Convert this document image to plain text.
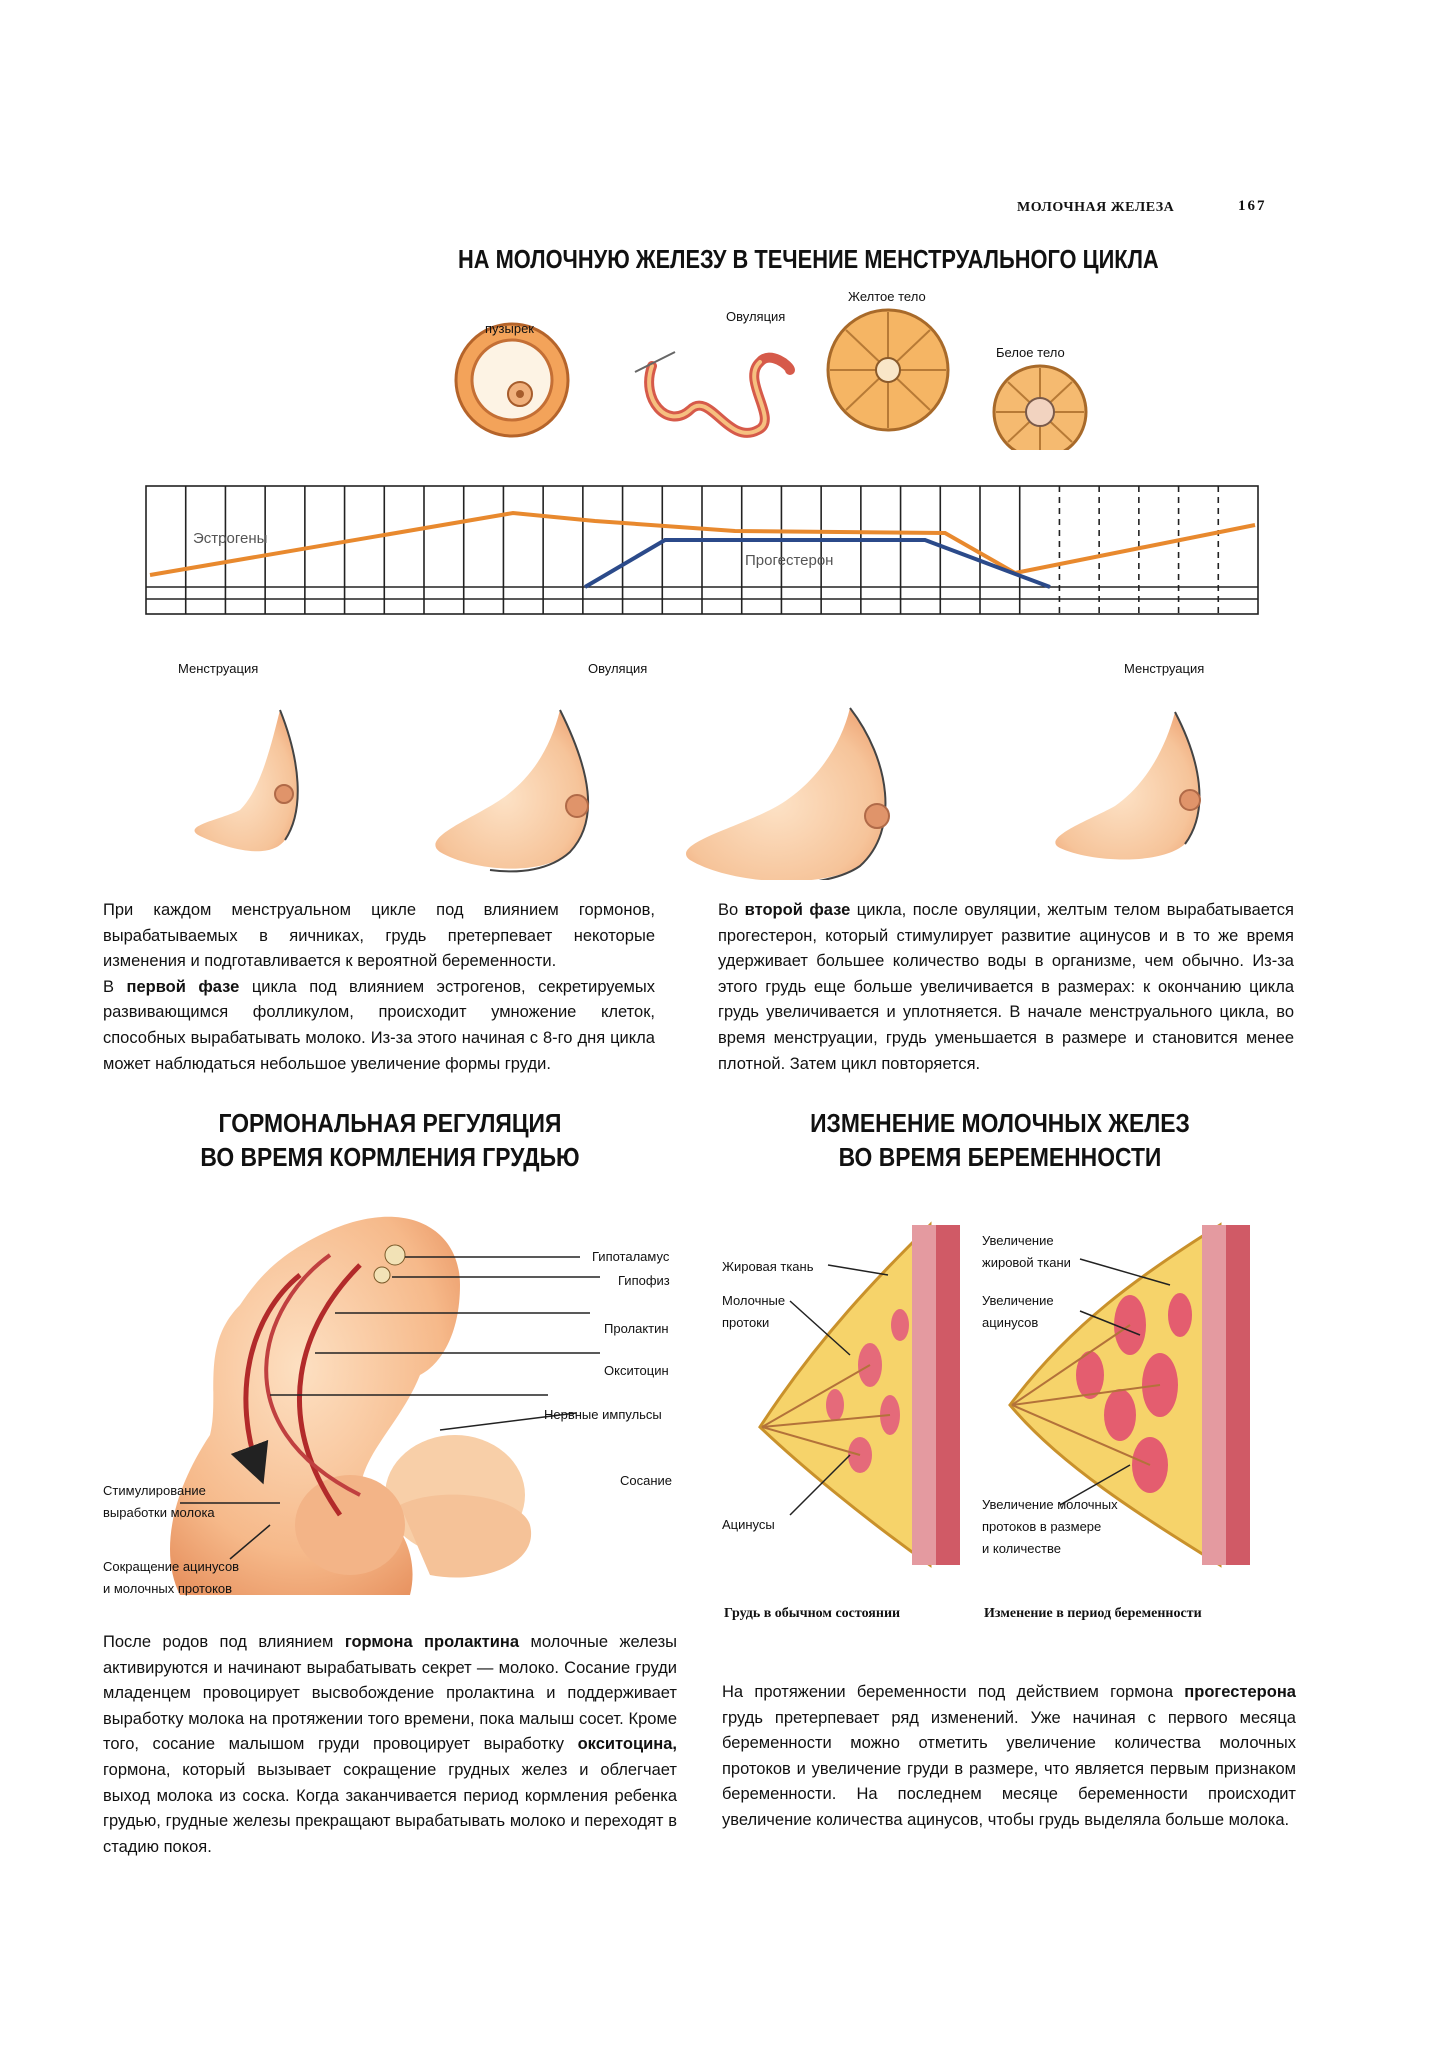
МОЛОЧНАЯ ЖЕЛЕЗА	167
НА МОЛОЧНУЮ ЖЕЛЕЗУ В ТЕЧЕНИЕ МЕНСТРУАЛЬНОГО ЦИКЛА
пузырек
Овуляция
Желтое тело
Белое тело
Эстрогены
Прогестерон
Менструация	Овуляция	Менструация
При каждом менструальном цикле под влиянием гормонов, вырабатываемых в яичниках, грудь претерпевает некоторые изменения и подготавливается к вероятной беременности.
В первой фазе цикла под влиянием эстрогенов, секретируемых развивающимся фолликулом, происходит умножение клеток, способных вырабатывать молоко. Из-за этого начиная с 8-го дня цикла может наблюдаться небольшое увеличение формы груди.
Во второй фазе цикла, после овуляции, желтым телом вырабатывается прогестерон, который стимулирует развитие ацинусов и в то же время удерживает большее количество воды в организме, чем обычно. Из-за этого грудь еще больше увеличивается в размерах: к окончанию цикла грудь увеличивается и уплотняется. В начале менструального цикла, во время менструации, грудь уменьшается в размере и становится менее плотной. Затем цикл повторяется.
ГОРМОНАЛЬНАЯ РЕГУЛЯЦИЯ
ВО ВРЕМЯ КОРМЛЕНИЯ ГРУДЬЮ
ИЗМЕНЕНИЕ МОЛОЧНЫХ ЖЕЛЕЗ
ВО ВРЕМЯ БЕРЕМЕННОСТИ
Гипоталамус
Гипофиз
Пролактин
Окситоцин
Нервные импульсы
Сосание
Стимулирование
выработки молока
Сокращение ацинусов
и молочных протоков
Жировая ткань
Молочные
протоки
Ацинусы
Увеличение
жировой ткани
Увеличение
ацинусов
Увеличение молочных
протоков в размере
и количестве
Грудь в обычном состоянии	Изменение в период беременности
После родов под влиянием гормона пролактина молочные железы активируются и начинают вырабатывать секрет — молоко. Сосание груди младенцем провоцирует высвобождение пролактина и поддерживает выработку молока на протяжении того времени, пока малыш сосет. Кроме того, сосание малышом груди провоцирует выработку окситоцина, гормона, который вызывает сокращение грудных желез и облегчает выход молока из соска. Когда заканчивается период кормления ребенка грудью, грудные железы прекращают вырабатывать молоко и переходят в стадию покоя.
На протяжении беременности под действием гормона прогестерона грудь претерпевает ряд изменений. Уже начиная с первого месяца беременности можно отметить увеличение количества молочных протоков и увеличение груди в размере, что является первым признаком беременности. На последнем месяце беременности происходит увеличение количества ацинусов, чтобы грудь выделяла больше молока.
